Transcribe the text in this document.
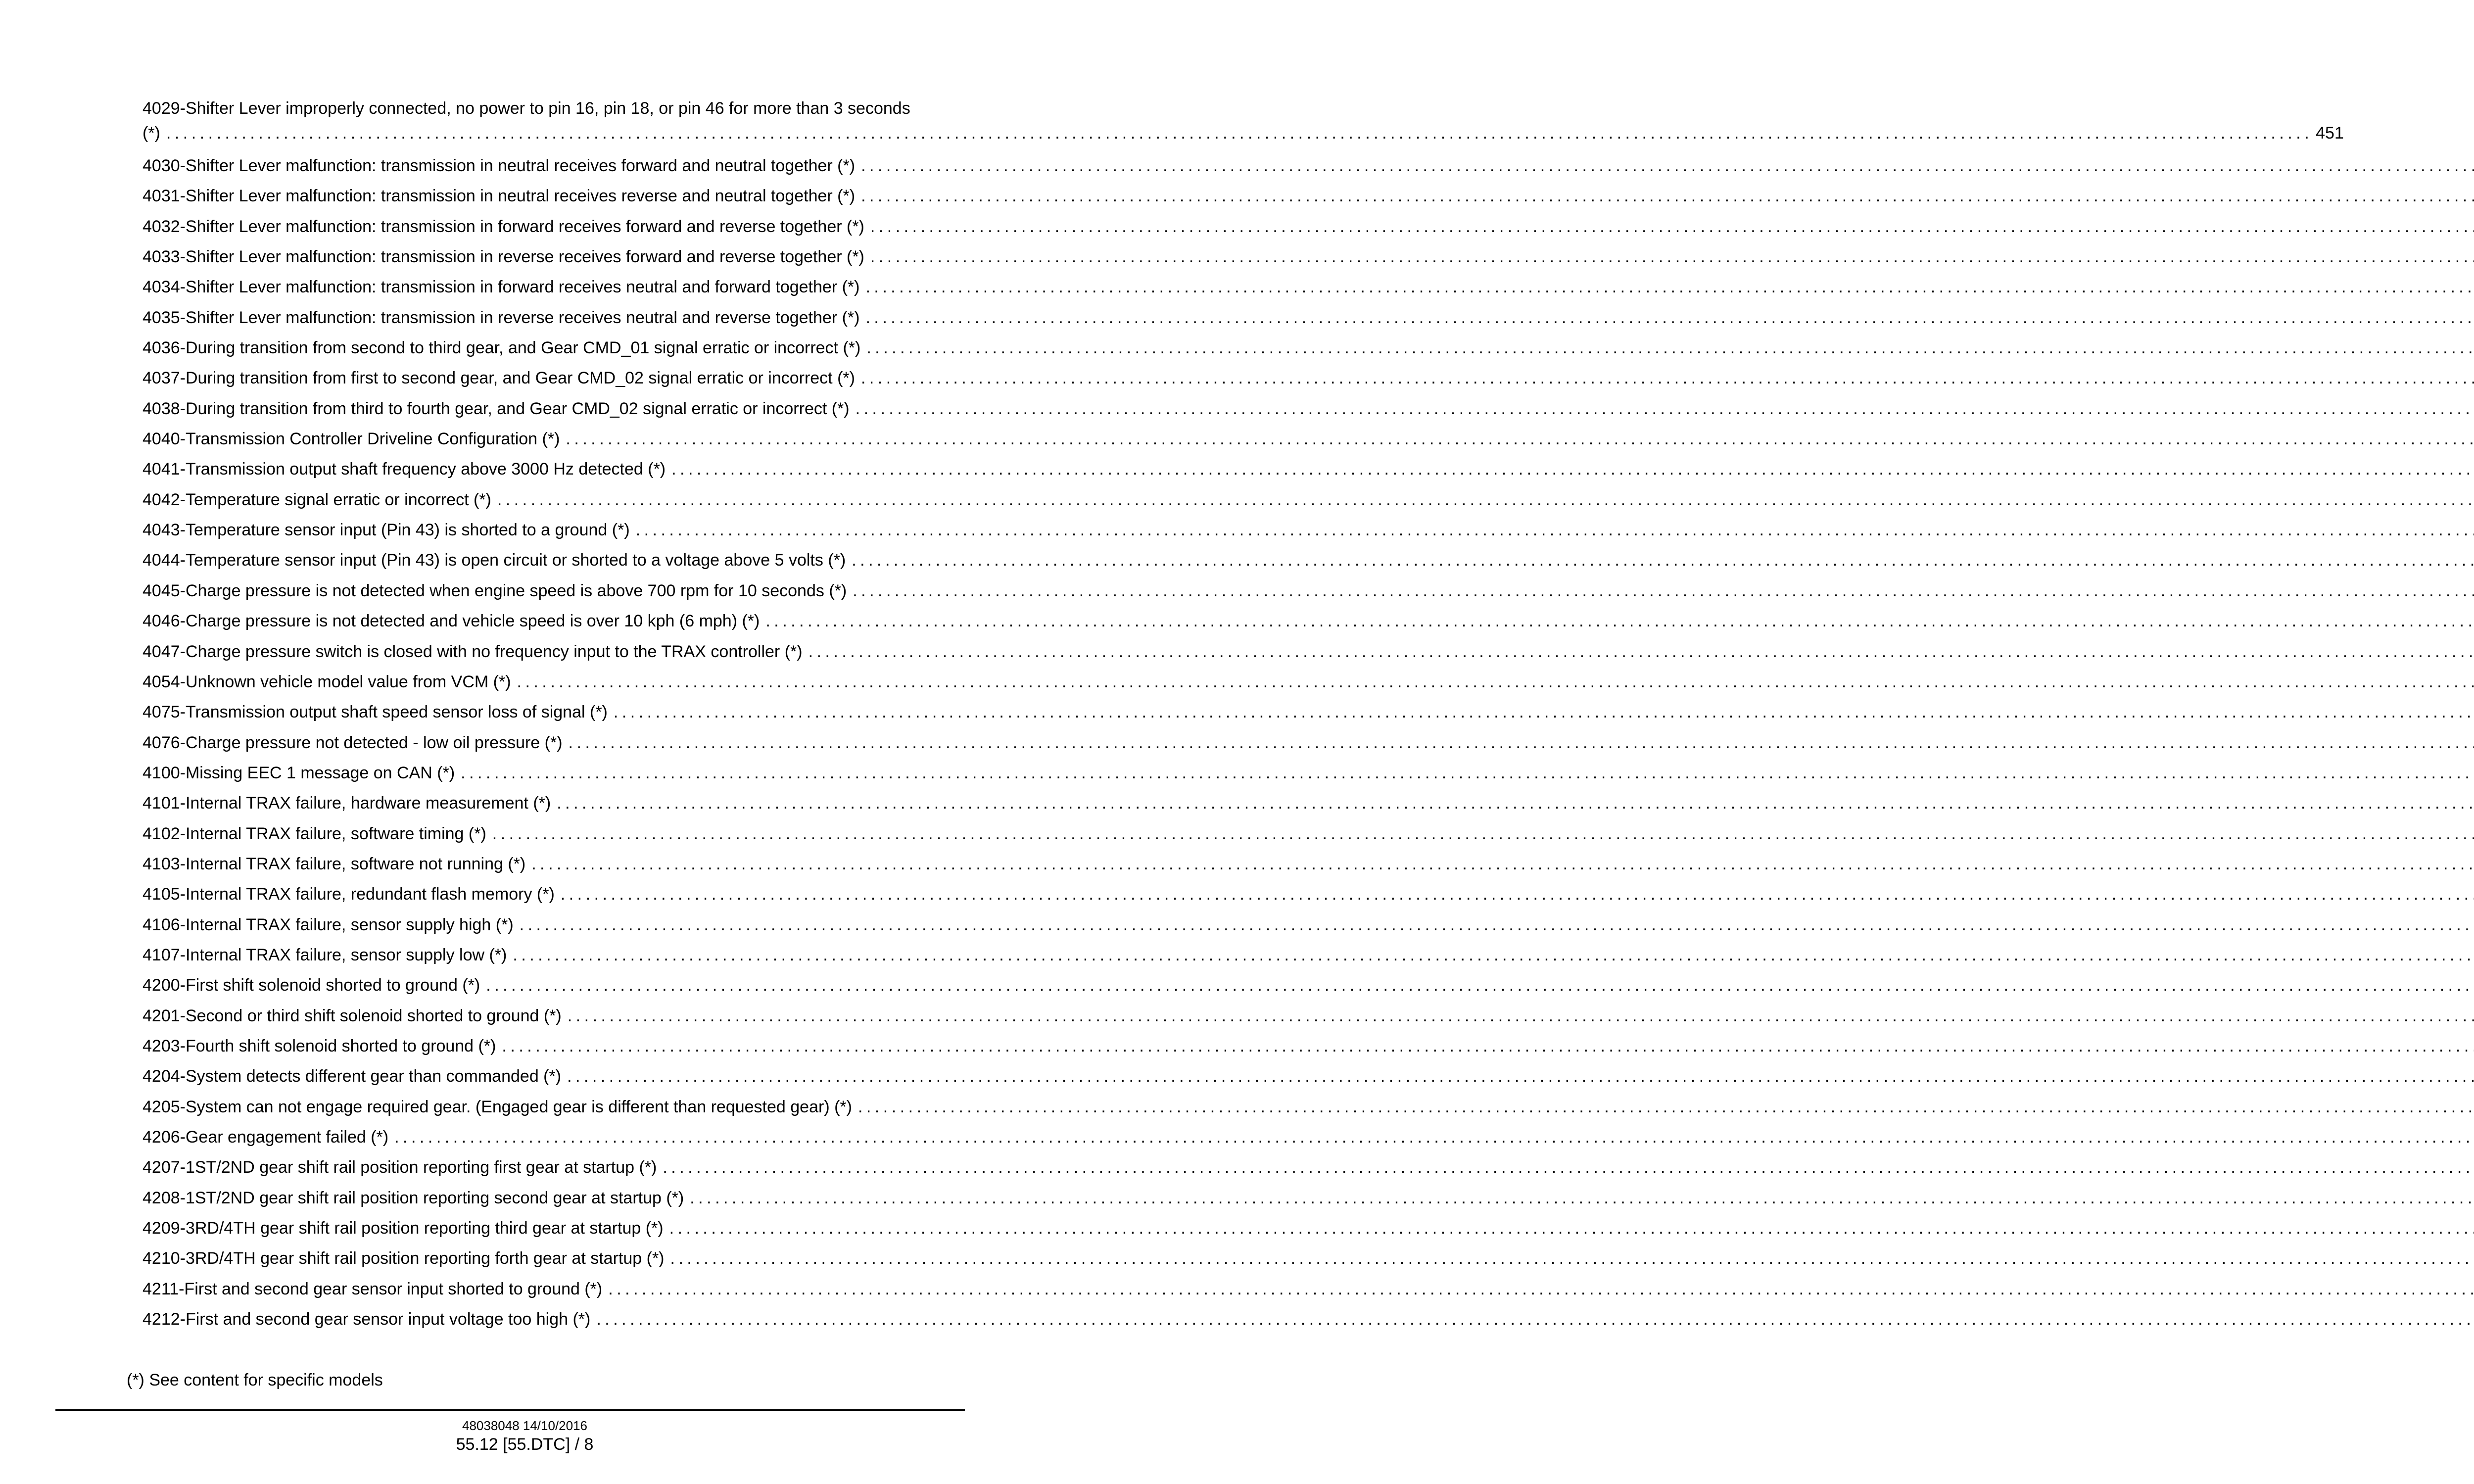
4029-Shifter Lever improperly connected, no power to pin 16, pin 18, or pin 46 for more than 3 seconds
(*)
.....	451
4030-Shifter Lever malfunction: transmission in neutral receives forward and neutral together (*)
.....
4031-Shifter Lever malfunction: transmission in neutral receives reverse and neutral together (*)
.....
4032-Shifter Lever malfunction: transmission in forward receives forward and reverse together (*)
.....
4033-Shifter Lever malfunction: transmission in reverse receives forward and reverse together (*)
.....
4034-Shifter Lever malfunction: transmission in forward receives neutral and forward together (*)
.....
4035-Shifter Lever malfunction: transmission in reverse receives neutral and reverse together (*)
.....
4036-During transition from second to third gear, and Gear CMD_01 signal erratic or incorrect (*)
.....
4037-During transition from first to second gear, and Gear CMD_02 signal erratic or incorrect (*)
.....
4038-During transition from third to fourth gear, and Gear CMD_02 signal erratic or incorrect (*)
.....
4040-Transmission Controller Driveline Configuration (*)
.....
4041-Transmission output shaft frequency above 3000 Hz detected (*)
.....
4042-Temperature signal erratic or incorrect (*)
.....
4043-Temperature sensor input (Pin 43) is shorted to a ground (*)
.....
4044-Temperature sensor input (Pin 43) is open circuit or shorted to a voltage above 5 volts (*)
.....
4045-Charge pressure is not detected when engine speed is above 700 rpm for 10 seconds (*)
.....
4046-Charge pressure is not detected and vehicle speed is over 10 kph (6 mph) (*)
.....
4047-Charge pressure switch is closed with no frequency input to the TRAX controller (*)
.....
4054-Unknown vehicle model value from VCM (*)
.....
4075-Transmission output shaft speed sensor loss of signal (*)
.....
4076-Charge pressure not detected - low oil pressure (*)
.....
4100-Missing EEC 1 message on CAN (*)
.....
4101-Internal TRAX failure, hardware measurement (*)
.....
4102-Internal TRAX failure, software timing (*)
.....
4103-Internal TRAX failure, software not running (*)
.....
4105-Internal TRAX failure, redundant flash memory (*)
.....
4106-Internal TRAX failure, sensor supply high (*)
.....
4107-Internal TRAX failure, sensor supply low (*)
.....
4200-First shift solenoid shorted to ground (*)
.....
4201-Second or third shift solenoid shorted to ground (*)
.....
4203-Fourth shift solenoid shorted to ground (*)
.....
4204-System detects different gear than commanded (*)
.....
4205-System can not engage required gear. (Engaged gear is different than requested gear) (*)
.....
4206-Gear engagement failed (*)
.....
4207-1ST/2ND gear shift rail position reporting first gear at startup (*)
.....
4208-1ST/2ND gear shift rail position reporting second gear at startup (*)
.....
4209-3RD/4TH gear shift rail position reporting third gear at startup (*)
.....
4210-3RD/4TH gear shift rail position reporting forth gear at startup (*)
.....
4211-First and second gear sensor input shorted to ground (*)
.....
4212-First and second gear sensor input voltage too high (*)
.....
(*) See content for specific models
48038048 14/10/2016
55.12 [55.DTC] / 8
